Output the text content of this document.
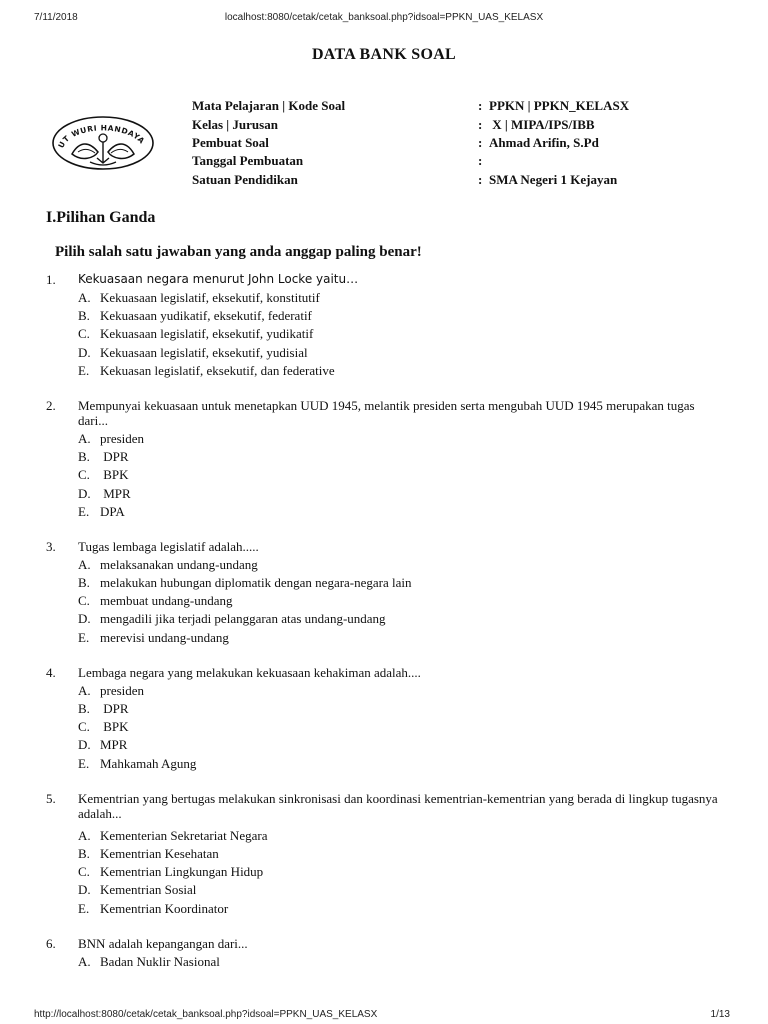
7/11/2018	localhost:8080/cetak/cetak_banksoal.php?idsoal=PPKN_UAS_KELASX
DATA BANK SOAL
UT WURI HANDAYA
Mata Pelajaran | Kode Soal	: PPKN | PPKN_KELASX
Kelas | Jurusan	: X | MIPA/IPS/IBB
Pembuat Soal	: Ahmad Arifin, S.Pd
Tanggal Pembuatan	:
Satuan Pendidikan	: SMA Negeri 1 Kejayan
I.Pilihan Ganda
Pilih salah satu jawaban yang anda anggap paling benar!
1. Kekuasaan negara menurut John Locke yaitu…
A. Kekuasaan legislatif, eksekutif, konstitutif
B. Kekuasaan yudikatif, eksekutif, federatif
C. Kekuasaan legislatif, eksekutif, yudikatif
D. Kekuasaan legislatif, eksekutif, yudisial
E. Kekuasan legislatif, eksekutif, dan federative
2. Mempunyai kekuasaan untuk menetapkan UUD 1945, melantik presiden serta mengubah UUD 1945 merupakan tugas dari...
A. presiden
B. DPR
C. BPK
D. MPR
E. DPA
3. Tugas lembaga legislatif adalah.....
A. melaksanakan undang-undang
B. melakukan hubungan diplomatik dengan negara-negara lain
C. membuat undang-undang
D. mengadili jika terjadi pelanggaran atas undang-undang
E. merevisi undang-undang
4. Lembaga negara yang melakukan kekuasaan kehakiman adalah....
A. presiden
B. DPR
C. BPK
D. MPR
E. Mahkamah Agung
5. Kementrian yang bertugas melakukan sinkronisasi dan koordinasi kementrian-kementrian yang berada di lingkup tugasnya adalah...
A. Kementerian Sekretariat Negara
B. Kementrian Kesehatan
C. Kementrian Lingkungan Hidup
D. Kementrian Sosial
E. Kementrian Koordinator
6. BNN adalah kepangangan dari...
A. Badan Nuklir Nasional
http://localhost:8080/cetak/cetak_banksoal.php?idsoal=PPKN_UAS_KELASX	1/13
